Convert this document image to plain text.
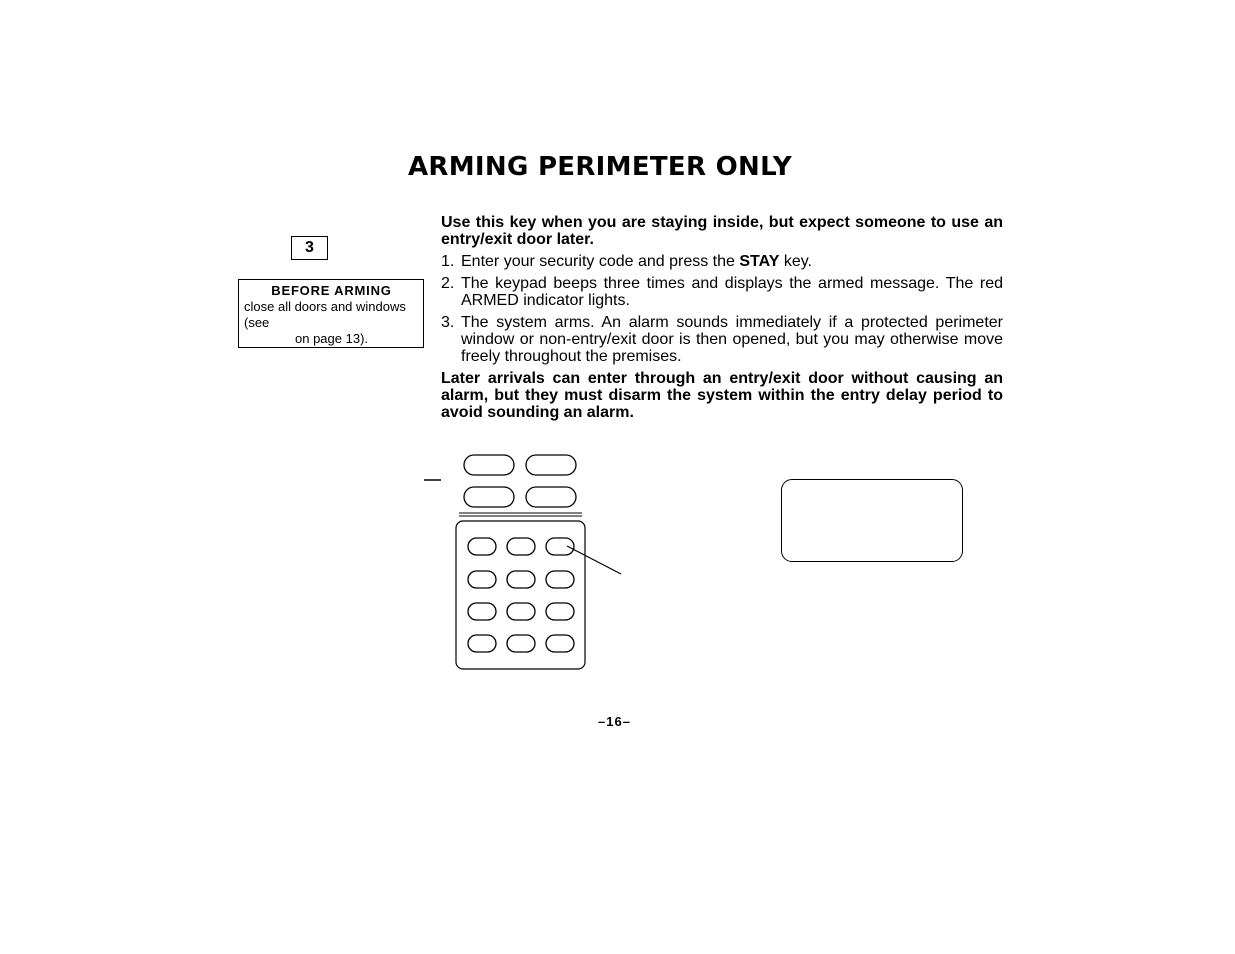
ARMING PERIMETER ONLY
3
BEFORE ARMING
close all doors and windows
(see
on page 13).

Use this key when you are staying inside, but expect someone to use an entry/exit door later.

1. Enter your security code and press the STAY key.
2. The keypad beeps three times and displays the armed message. The red ARMED indicator lights.
3. The system arms. An alarm sounds immediately if a protected perimeter window or non-entry/exit door is then opened, but you may otherwise move freely throughout the premises.

Later arrivals can enter through an entry/exit door without causing an alarm, but they must disarm the system within the entry delay period to avoid sounding an alarm.

–16–
